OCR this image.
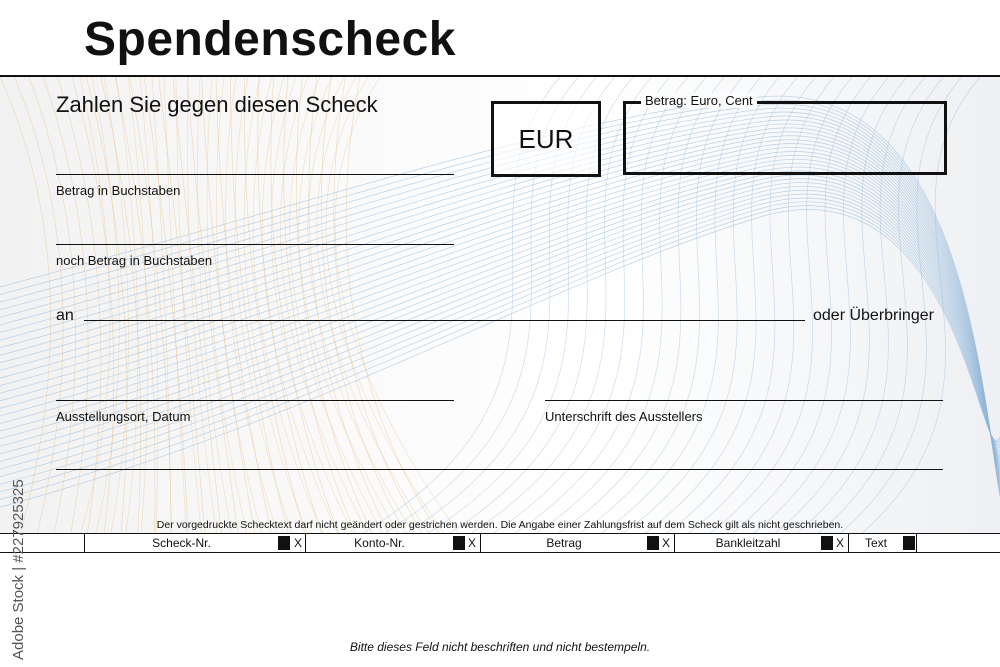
Spendenscheck
Zahlen Sie gegen diesen Scheck
EUR
Betrag: Euro, Cent
Betrag in Buchstaben
noch Betrag in Buchstaben
an	oder Überbringer
Ausstellungsort, Datum	Unterschrift des Ausstellers
Der vorgedruckte Schecktext darf nicht geändert oder gestrichen werden. Die Angabe einer Zahlungsfrist auf dem Scheck gilt als nicht geschrieben.
Scheck-Nr.	X	Konto-Nr.	X	Betrag	X	Bankleitzahl	X	Text
Bitte dieses Feld nicht beschriften und nicht bestempeln.
Adobe Stock | #227925325
